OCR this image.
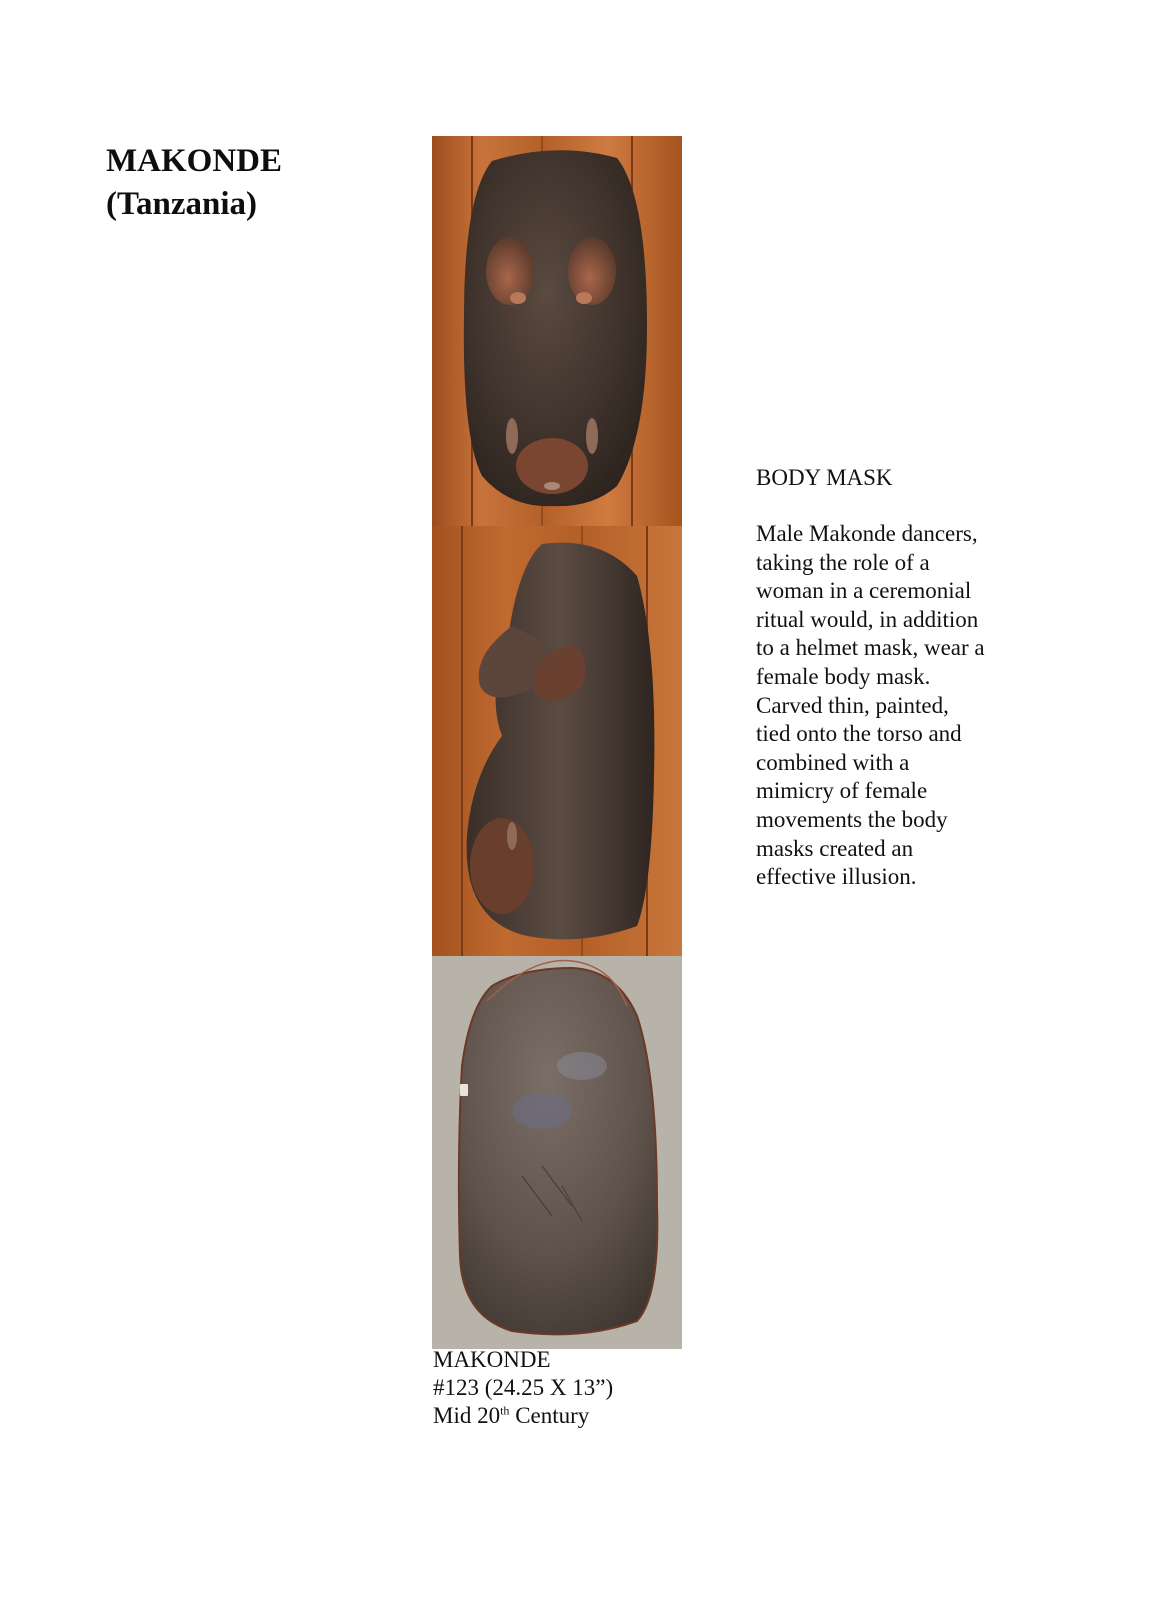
MAKONDE
(Tanzania)
MAKONDE
#123 (24.25 X 13”)
Mid 20th Century
BODY MASK
Male Makonde dancers,
taking the role of a
woman in a ceremonial
ritual would, in addition
to a helmet mask, wear a
female body mask.
Carved thin, painted,
tied onto the torso and
combined with a
mimicry of female
movements the body
masks created an
effective illusion.
